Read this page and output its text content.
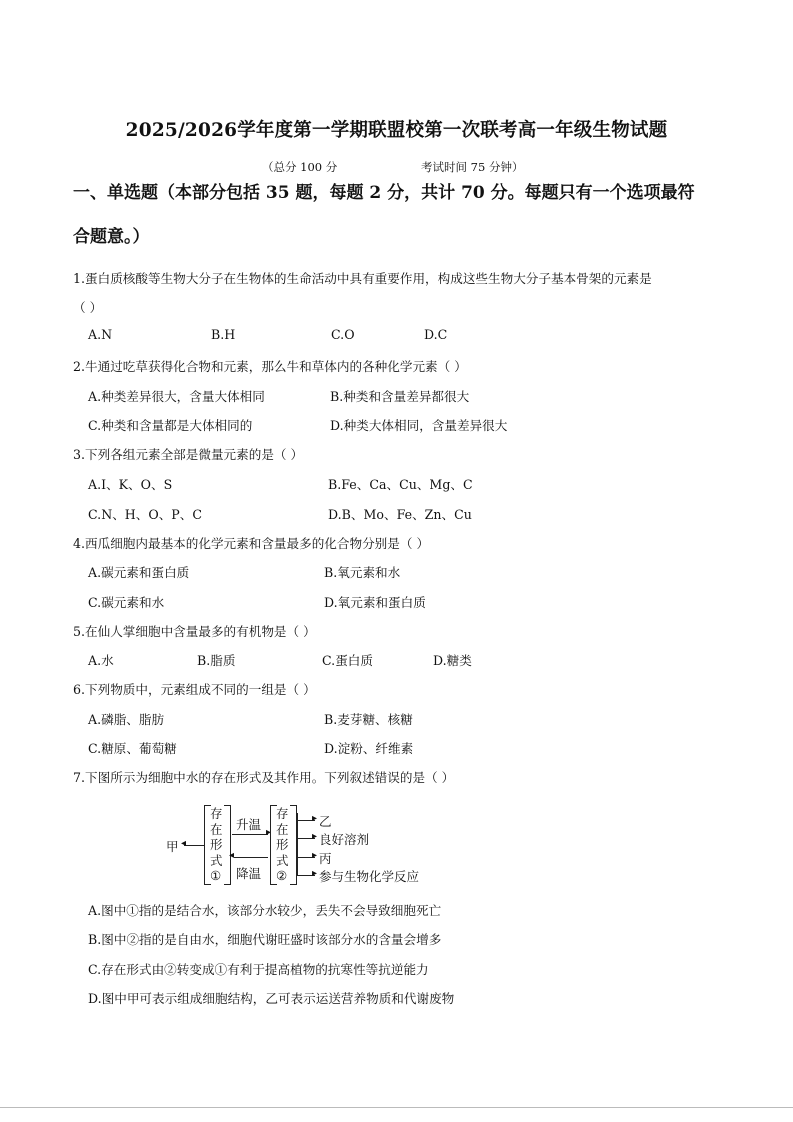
2025/2026学年度第一学期联盟校第一次联考高一年级生物试题
（总分 100 分	考试时间 75 分钟）
一、单选题（本部分包括 35 题，每题 2 分，共计 70 分。每题只有一个选项最符
合题意。）
1.蛋白质核酸等生物大分子在生物体的生命活动中具有重要作用，构成这些生物大分子基本骨架的元素是
（ ）
A.N	B.H	C.O	D.C
2.牛通过吃草获得化合物和元素，那么牛和草体内的各种化学元素（ ）
A.种类差异很大，含量大体相同	B.种类和含量差异都很大
C.种类和含量都是大体相同的	D.种类大体相同，含量差异很大
3.下列各组元素全部是微量元素的是（ ）
A.I、K、O、S	B.Fe、Ca、Cu、Mg、C
C.N、H、O、P、C	D.B、Mo、Fe、Zn、Cu
4.西瓜细胞内最基本的化学元素和含量最多的化合物分别是（ ）
A.碳元素和蛋白质	B.氧元素和水
C.碳元素和水	D.氧元素和蛋白质
5.在仙人掌细胞中含量最多的有机物是（ ）
A.水	B.脂质	C.蛋白质	D.糖类
6.下列物质中，元素组成不同的一组是（ ）
A.磷脂、脂肪	B.麦芽糖、核糖
C.糖原、葡萄糖	D.淀粉、纤维素
7.下图所示为细胞中水的存在形式及其作用。下列叙述错误的是（ ）
甲 ◂
存
在
形
式
①
升温
▸
◂
降温
存
在
形
式
②
▸
▸
▸
▸
乙
良好溶剂
丙
参与生物化学反应
A.图中①指的是结合水，该部分水较少，丢失不会导致细胞死亡
B.图中②指的是自由水，细胞代谢旺盛时该部分水的含量会增多
C.存在形式由②转变成①有利于提高植物的抗寒性等抗逆能力
D.图中甲可表示组成细胞结构，乙可表示运送营养物质和代谢废物
